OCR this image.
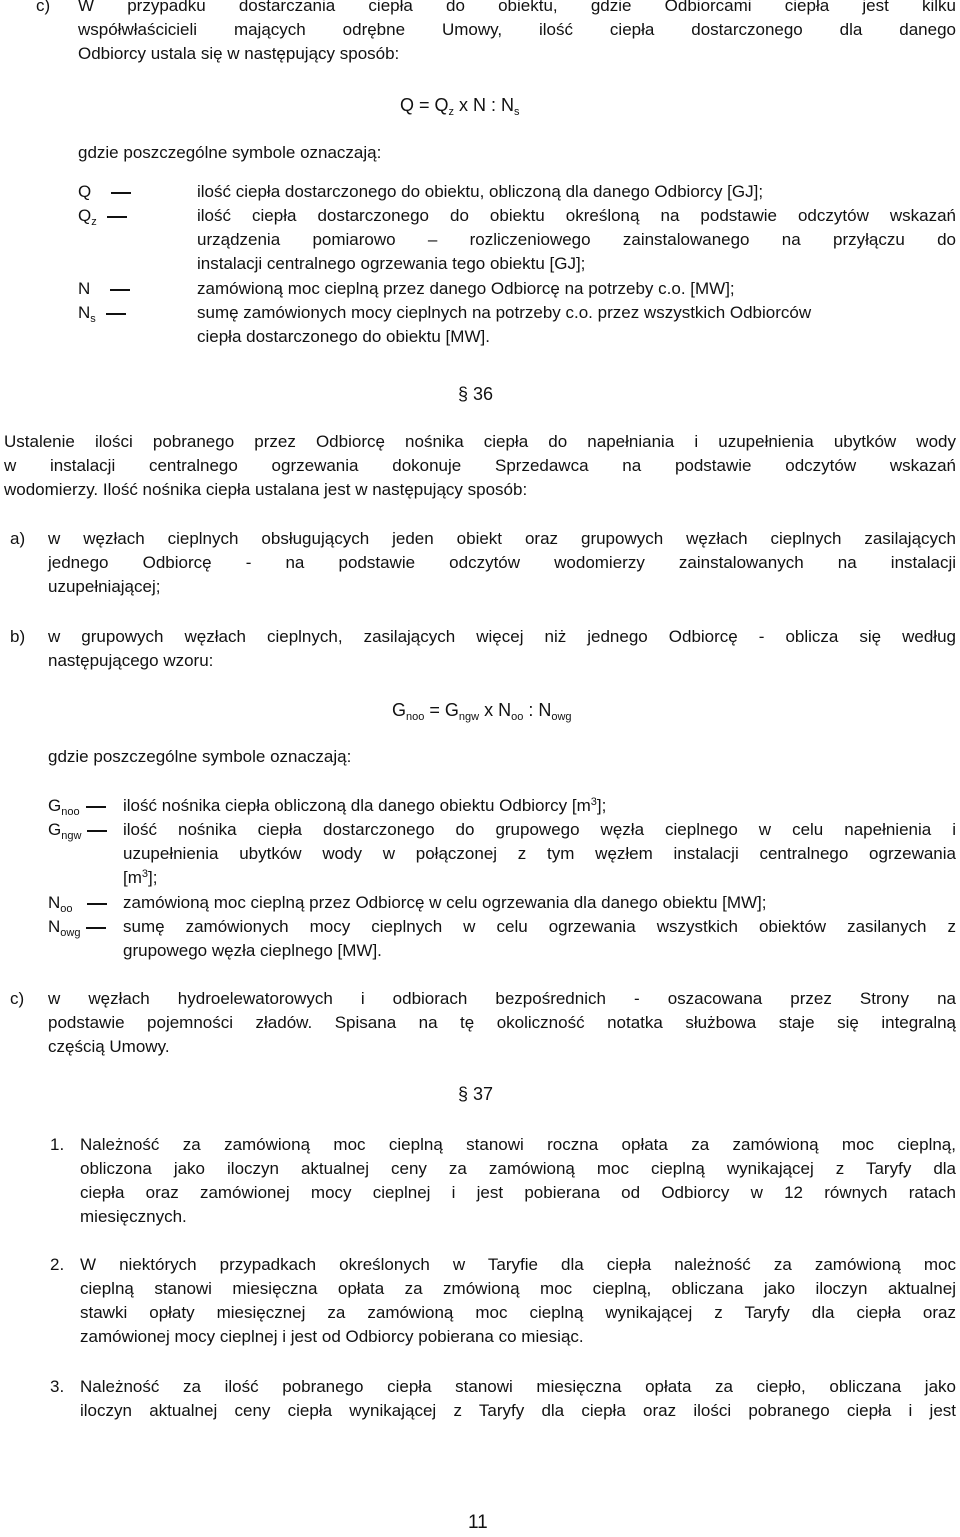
c) W przypadku dostarczania ciepła do obiektu, gdzie Odbiorcami ciepła jest kilku
współwłaścicieli mających odrębne Umowy, ilość ciepła dostarczonego dla danego
Odbiorcy ustala się w następujący sposób:
$Q = Q_z$ x N : $N_s$
gdzie poszczególne symbole oznaczają:
Q	ilość ciepła dostarczonego do obiektu, obliczoną dla danego Odbiorcy [GJ];
$Q_z$	ilość ciepła dostarczonego do obiektu określoną na podstawie odczytów wskazań
urządzenia pomiarowo – rozliczeniowego zainstalowanego na przyłączu do
instalacji centralnego ogrzewania tego obiektu [GJ];
N	zamówioną moc cieplną przez danego Odbiorcę na potrzeby c.o. [MW];
$N_s$	sumę zamówionych mocy cieplnych na potrzeby c.o. przez wszystkich Odbiorców
ciepła dostarczonego do obiektu [MW].
§ 36
Ustalenie ilości pobranego przez Odbiorcę nośnika ciepła do napełniania i uzupełnienia ubytków wody
w instalacji centralnego ogrzewania dokonuje Sprzedawca na podstawie odczytów wskazań
wodomierzy. Ilość nośnika ciepła ustalana jest w następujący sposób:
a) w węzłach cieplnych obsługujących jeden obiekt oraz grupowych węzłach cieplnych zasilających
jednego Odbiorcę - na podstawie odczytów wodomierzy zainstalowanych na instalacji
uzupełniającej;
b) w grupowych węzłach cieplnych, zasilających więcej niż jednego Odbiorcę - oblicza się według
następującego wzoru:
$G_{noo} = G_{ngw}$ x $N_{oo}$ : $N_{owg}$
gdzie poszczególne symbole oznaczają:
$G_{noo}$	ilość nośnika ciepła obliczoną dla danego obiektu Odbiorcy $[m^3]$;
$G_{ngw}$	ilość nośnika ciepła dostarczonego do grupowego węzła cieplnego w celu napełnienia i
uzupełnienia ubytków wody w połączonej z tym węzłem instalacji centralnego ogrzewania
$[m^3]$;
$N_{oo}$	zamówioną moc cieplną przez Odbiorcę w celu ogrzewania dla danego obiektu [MW];
$N_{owg}$	sumę zamówionych mocy cieplnych w celu ogrzewania wszystkich obiektów zasilanych z
grupowego węzła cieplnego [MW].
c) w węzłach hydroelewatorowych i odbiorach bezpośrednich - oszacowana przez Strony na
podstawie pojemności zładów. Spisana na tę okoliczność notatka służbowa staje się integralną
częścią Umowy.
§ 37
1. Należność za zamówioną moc cieplną stanowi roczna opłata za zamówioną moc cieplną,
obliczona jako iloczyn aktualnej ceny za zamówioną moc cieplną wynikającej z Taryfy dla
ciepła oraz zamówionej mocy cieplnej i jest pobierana od Odbiorcy w 12 równych ratach
miesięcznych.
2. W niektórych przypadkach określonych w Taryfie dla ciepła należność za zamówioną moc
cieplną stanowi miesięczna opłata za zmówioną moc cieplną, obliczana jako iloczyn aktualnej
stawki opłaty miesięcznej za zamówioną moc cieplną wynikającej z Taryfy dla ciepła oraz
zamówionej mocy cieplnej i jest od Odbiorcy pobierana co miesiąc.
3. Należność za ilość pobranego ciepła stanowi miesięczna opłata za ciepło, obliczana jako
iloczyn aktualnej ceny ciepła wynikającej z Taryfy dla ciepła oraz ilości pobranego ciepła i jest
11
